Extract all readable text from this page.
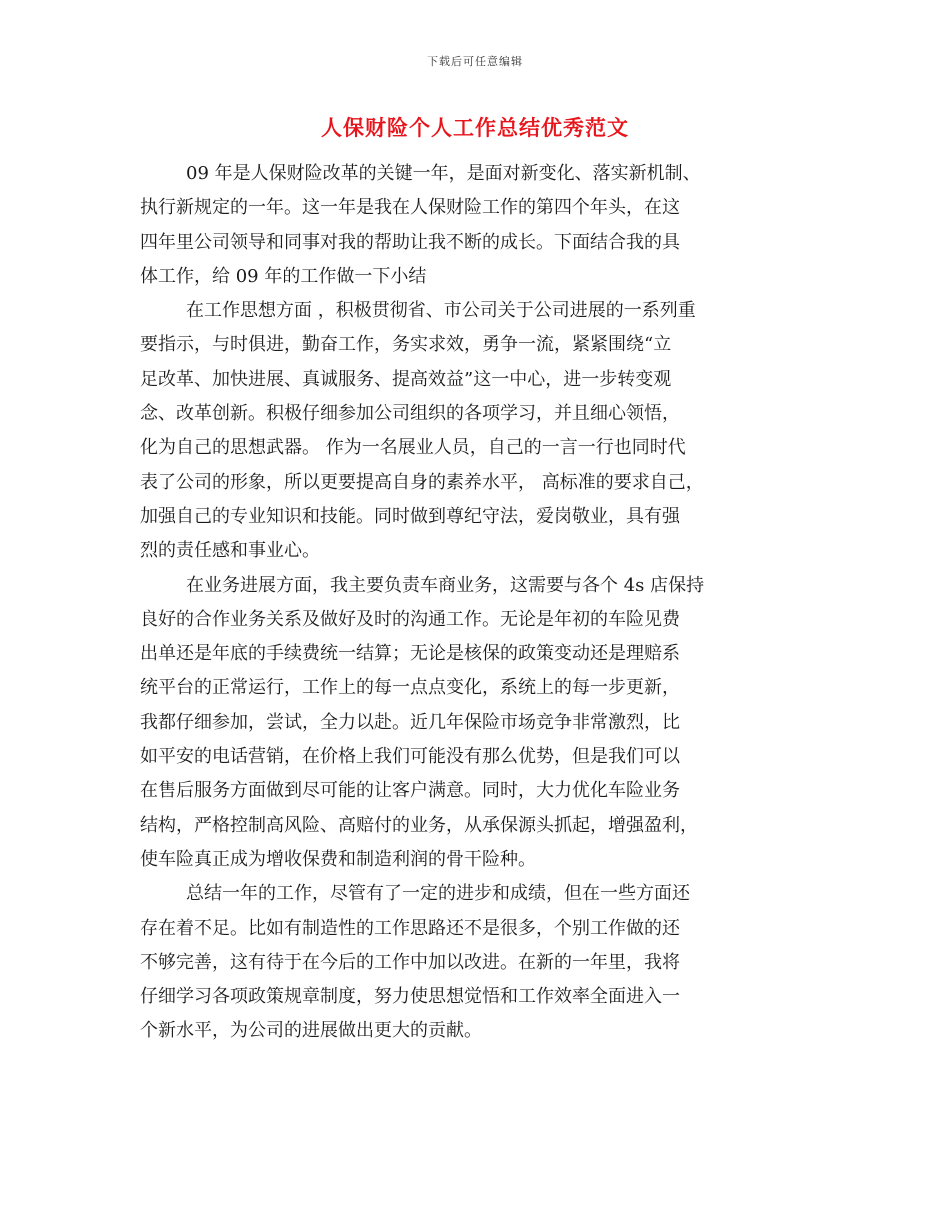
下载后可任意编辑
人保财险个人工作总结优秀范文
09 年是人保财险改革的关键一年，是面对新变化、落实新机制、
执行新规定的一年。这一年是我在人保财险工作的第四个年头，在这
四年里公司领导和同事对我的帮助让我不断的成长。下面结合我的具
体工作，给 09 年的工作做一下小结
在工作思想方面 ，积极贯彻省、市公司关于公司进展的一系列重
要指示，与时俱进，勤奋工作，务实求效，勇争一流，紧紧围绕“立
足改革、加快进展、真诚服务、提高效益”这一中心，进一步转变观
念、改革创新。积极仔细参加公司组织的各项学习，并且细心领悟，
化为自己的思想武器。 作为一名展业人员，自己的一言一行也同时代
表了公司的形象，所以更要提高自身的素养水平， 高标准的要求自己，
加强自己的专业知识和技能。同时做到尊纪守法，爱岗敬业，具有强
烈的责任感和事业心。
在业务进展方面，我主要负责车商业务，这需要与各个 4s 店保持
良好的合作业务关系及做好及时的沟通工作。无论是年初的车险见费
出单还是年底的手续费统一结算；无论是核保的政策变动还是理赔系
统平台的正常运行，工作上的每一点点变化，系统上的每一步更新，
我都仔细参加，尝试，全力以赴。近几年保险市场竞争非常激烈，比
如平安的电话营销，在价格上我们可能没有那么优势，但是我们可以
在售后服务方面做到尽可能的让客户满意。同时，大力优化车险业务
结构，严格控制高风险、高赔付的业务，从承保源头抓起，增强盈利，
使车险真正成为增收保费和制造利润的骨干险种。
总结一年的工作，尽管有了一定的进步和成绩，但在一些方面还
存在着不足。比如有制造性的工作思路还不是很多，个别工作做的还
不够完善，这有待于在今后的工作中加以改进。在新的一年里，我将
仔细学习各项政策规章制度，努力使思想觉悟和工作效率全面进入一
个新水平，为公司的进展做出更大的贡献。
